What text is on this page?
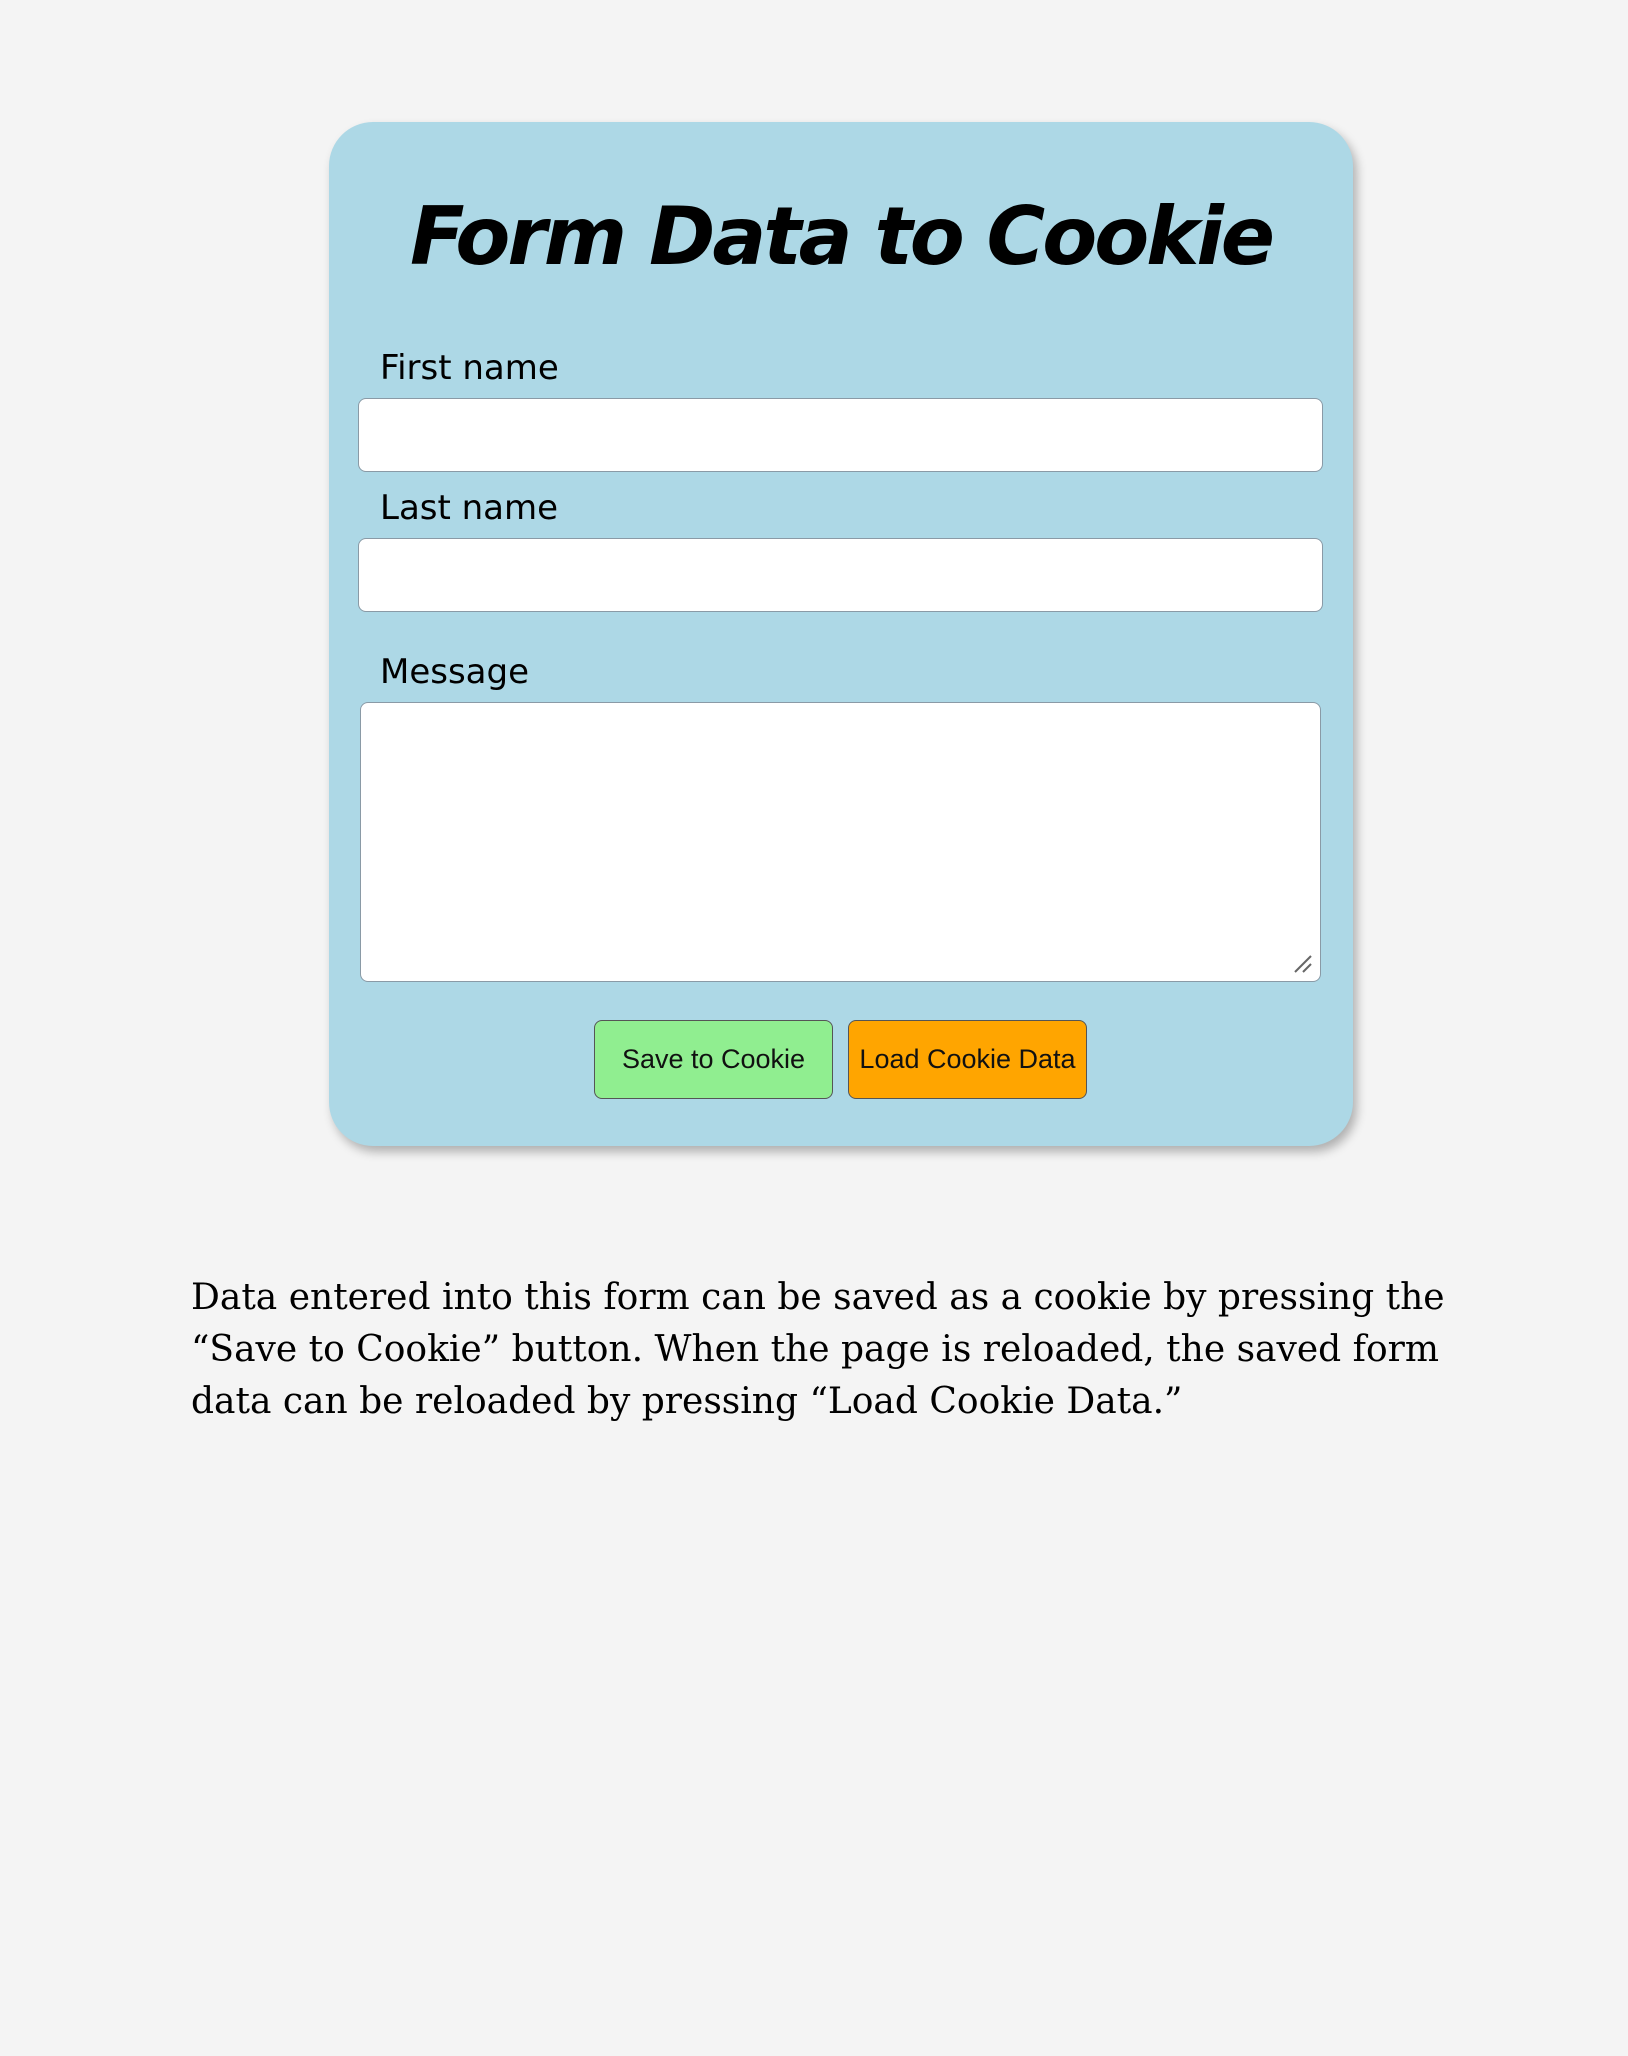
Form Data to Cookie
First name
Last name
Message
Save to Cookie	Load Cookie Data

Data entered into this form can be saved as a cookie by pressing the “Save to Cookie” button. When the page is reloaded, the saved form data can be reloaded by pressing “Load Cookie Data.”
